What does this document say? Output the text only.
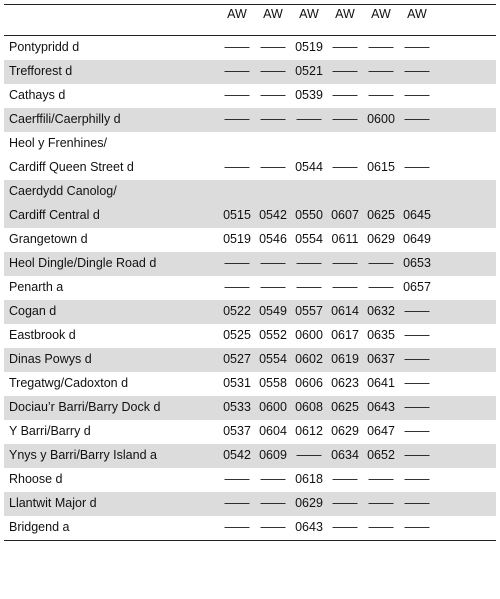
AW	AW	AW	AW	AW	AW
Pontypridd d	—— —— 0519 —— —— ——
Trefforest d	—— —— 0521 —— —— ——
Cathays d	—— —— 0539 —— —— ——
Caerffili/Caerphilly d	—— —— —— —— 0600 ——
Heol y Frenhines/
Cardiff Queen Street d	—— —— 0544 —— 0615 ——
Caerdydd Canolog/
Cardiff Central d	0515 0542 0550 0607 0625 0645
Grangetown d	0519 0546 0554 0611 0629 0649
Heol Dingle/Dingle Road d	—— —— —— —— —— 0653
Penarth a	—— —— —— —— —— 0657
Cogan d	0522 0549 0557 0614 0632 ——
Eastbrook d	0525 0552 0600 0617 0635 ——
Dinas Powys d	0527 0554 0602 0619 0637 ——
Tregatwg/Cadoxton d	0531 0558 0606 0623 0641 ——
Dociau’r Barri/Barry Dock d	0533 0600 0608 0625 0643 ——
Y Barri/Barry d	0537 0604 0612 0629 0647 ——
Ynys y Barri/Barry Island a	0542 0609 —— 0634 0652 ——
Rhoose d	—— —— 0618 —— —— ——
Llantwit Major d	—— —— 0629 —— —— ——
Bridgend a	—— —— 0643 —— —— ——
